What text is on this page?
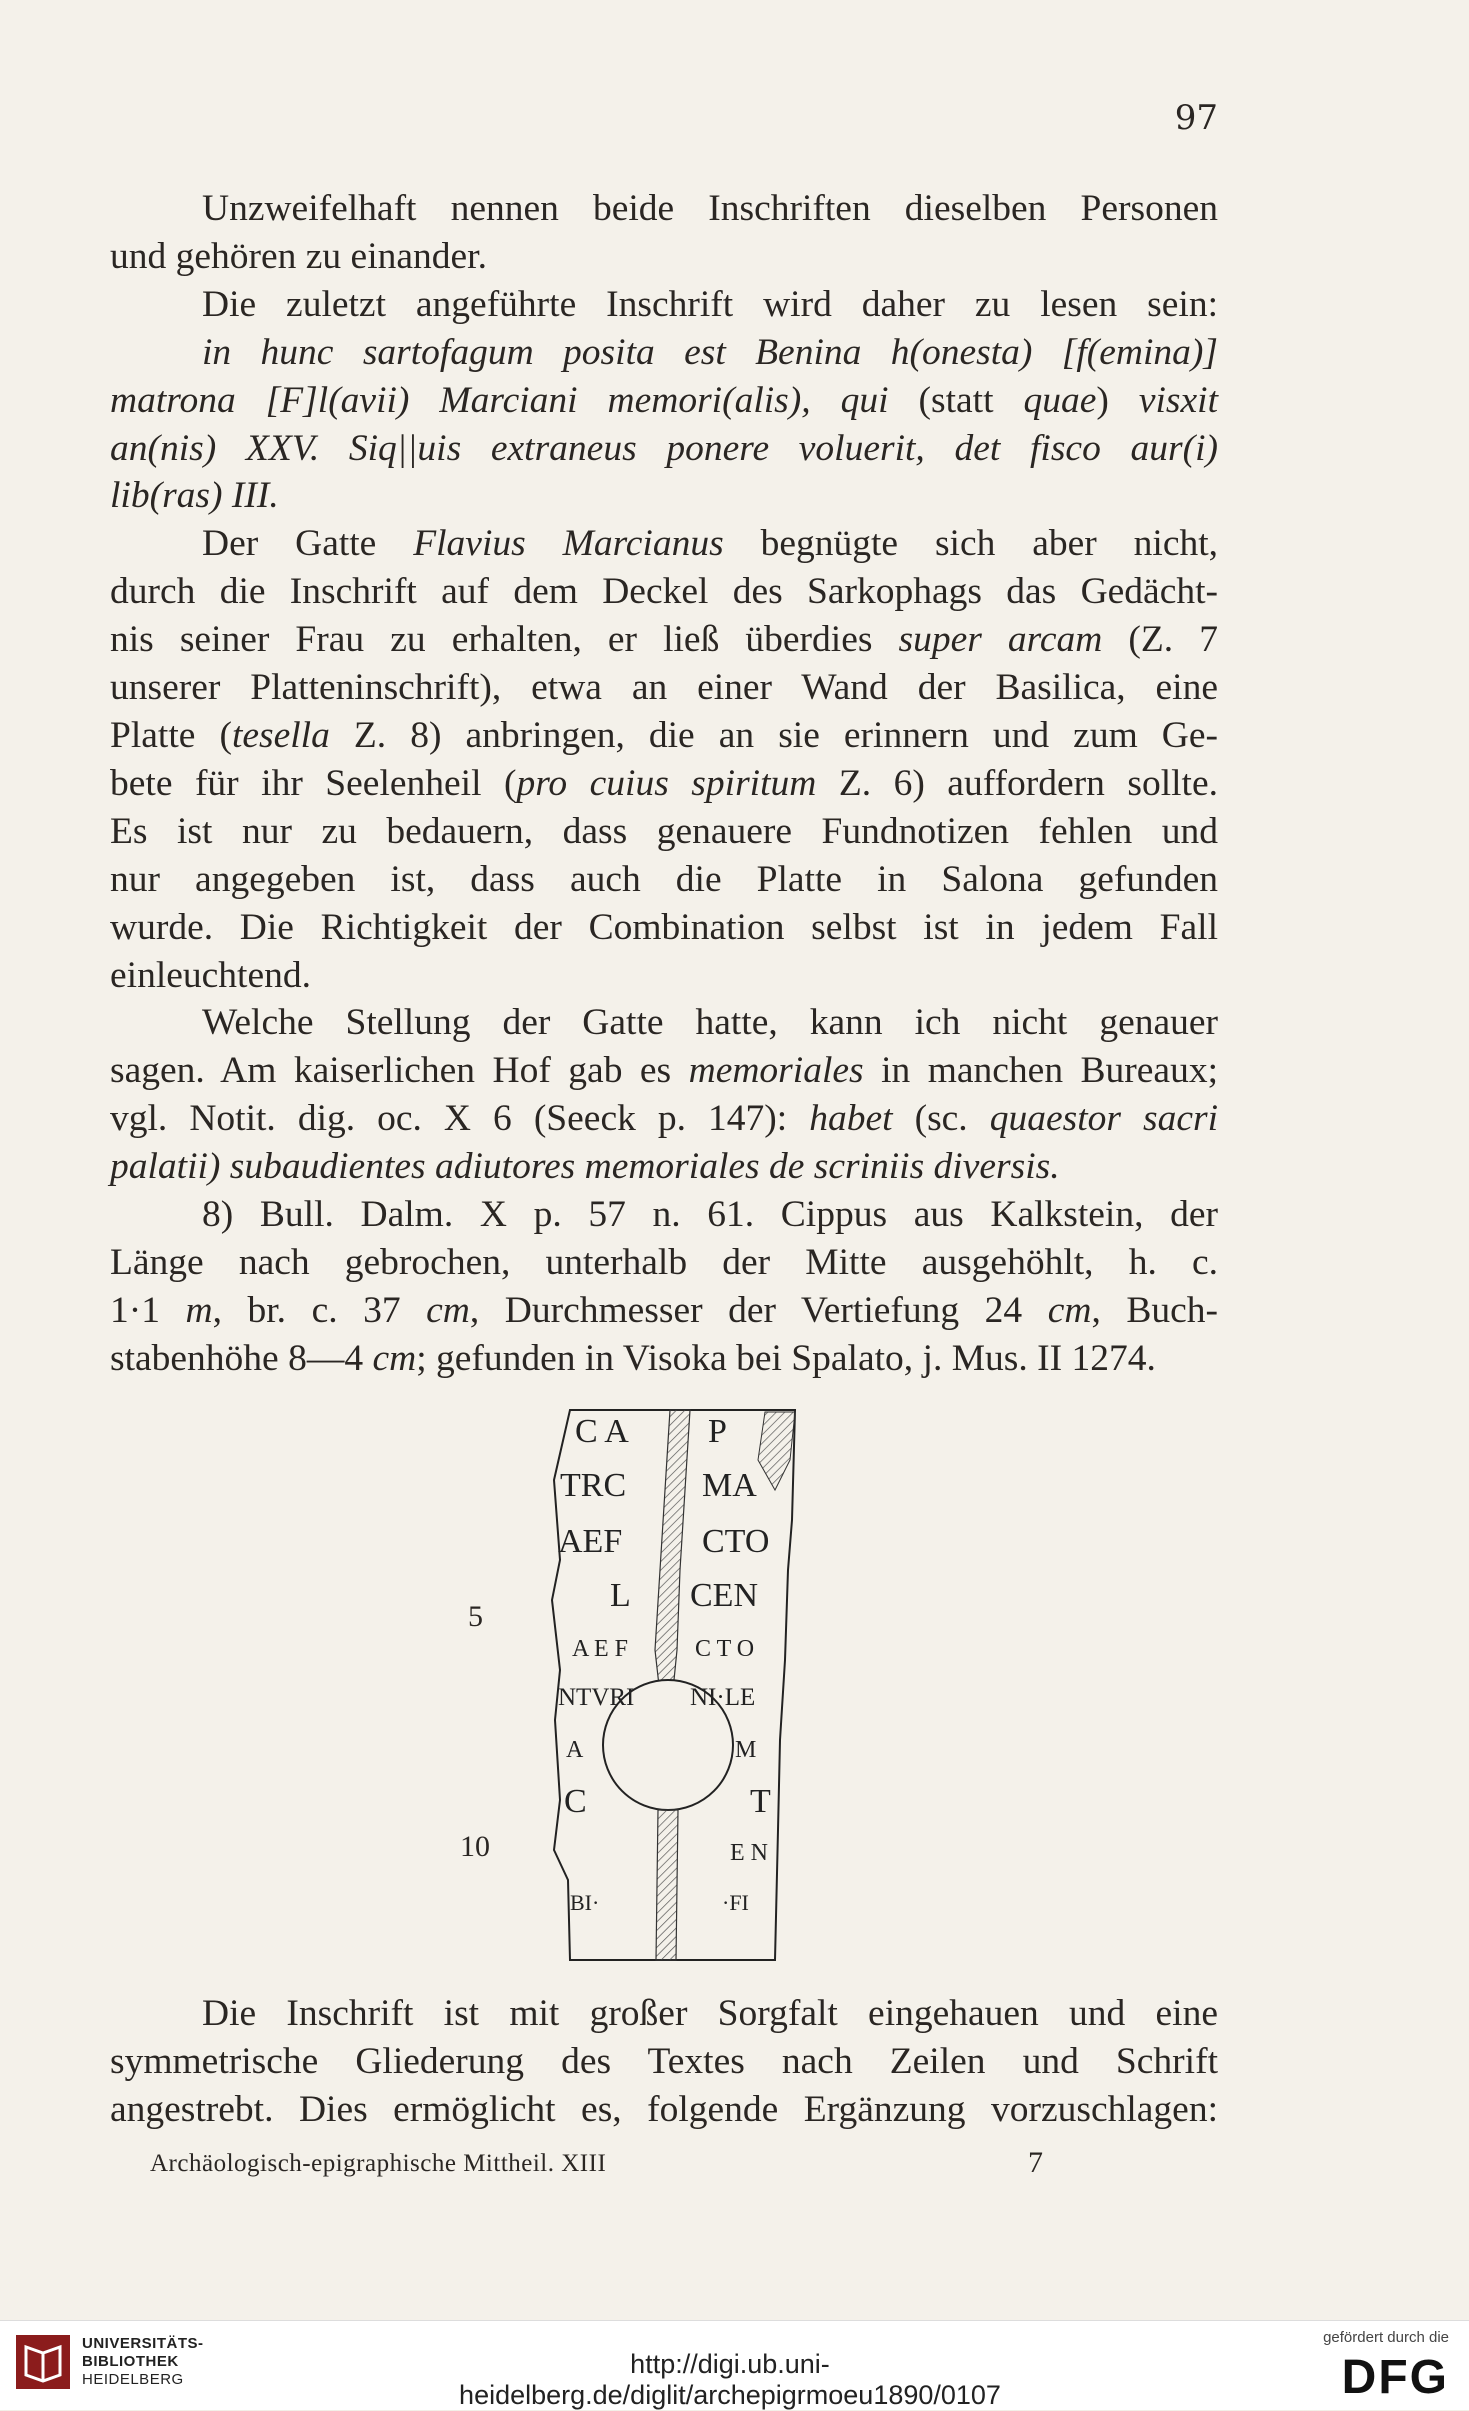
97
Unzweifelhaft nennen beide Inschriften dieselben Personen
und gehören zu einander.
Die zuletzt angeführte Inschrift wird daher zu lesen sein:
in hunc sartofagum posita est Benina h(onesta) [f(emina)]
matrona [F]l(avii) Marciani memori(alis), qui (statt quae) visxit
an(nis) XXV. Siq||uis extraneus ponere voluerit, det fisco aur(i)
lib(ras) III.
Der Gatte Flavius Marcianus begnügte sich aber nicht,
durch die Inschrift auf dem Deckel des Sarkophags das Gedächt-
nis seiner Frau zu erhalten, er ließ überdies super arcam (Z. 7
unserer Platteninschrift), etwa an einer Wand der Basilica, eine
Platte (tesella Z. 8) anbringen, die an sie erinnern und zum Ge-
bete für ihr Seelenheil (pro cuius spiritum Z. 6) auffordern sollte.
Es ist nur zu bedauern, dass genauere Fundnotizen fehlen und
nur angegeben ist, dass auch die Platte in Salona gefunden
wurde. Die Richtigkeit der Combination selbst ist in jedem Fall
einleuchtend.
Welche Stellung der Gatte hatte, kann ich nicht genauer
sagen. Am kaiserlichen Hof gab es memoriales in manchen Bureaux;
vgl. Notit. dig. oc. X 6 (Seeck p. 147): habet (sc. quaestor sacri
palatii) subaudientes adiutores memoriales de scriniis diversis.
8) Bull. Dalm. X p. 57 n. 61. Cippus aus Kalkstein, der
Länge nach gebrochen, unterhalb der Mitte ausgehöhlt, h. c.
1·1 m, br. c. 37 cm, Durchmesser der Vertiefung 24 cm, Buch-
stabenhöhe 8—4 cm; gefunden in Visoka bei Spalato, j. Mus. II 1274.
5
10
C A P
TRC MA
AEF CTO
L CEN
A E F	C T O
NTVRI NI·LE
A	M
C	T
E N
BI·	·FI
Die Inschrift ist mit großer Sorgfalt eingehauen und eine
symmetrische Gliederung des Textes nach Zeilen und Schrift
angestrebt. Dies ermöglicht es, folgende Ergänzung vorzuschlagen:
Archäologisch-epigraphische Mittheil. XIII	7
UNIVERSITÄTS-
BIBLIOTHEK
HEIDELBERG
http://digi.ub.uni-heidelberg.de/diglit/archepigrmoeu1890/0107
gefördert durch die
DFG
